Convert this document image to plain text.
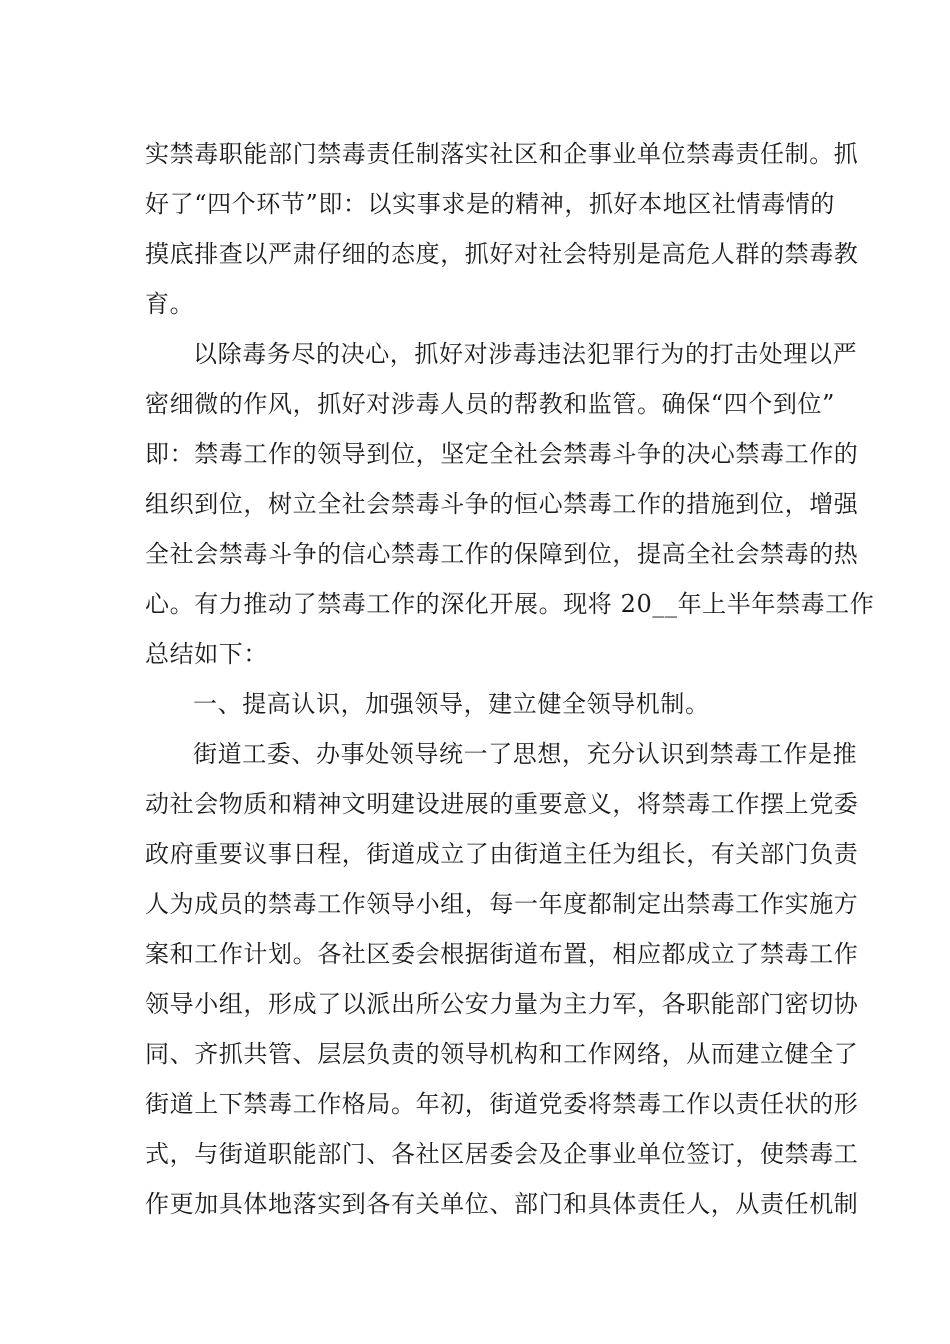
实禁毒职能部门禁毒责任制落实社区和企事业单位禁毒责任制。抓
好了“四个环节”即：以实事求是的精神，抓好本地区社情毒情的
摸底排查以严肃仔细的态度，抓好对社会特别是高危人群的禁毒教
育。
以除毒务尽的决心，抓好对涉毒违法犯罪行为的打击处理以严
密细微的作风，抓好对涉毒人员的帮教和监管。确保“四个到位”
即：禁毒工作的领导到位，坚定全社会禁毒斗争的决心禁毒工作的
组织到位，树立全社会禁毒斗争的恒心禁毒工作的措施到位，增强
全社会禁毒斗争的信心禁毒工作的保障到位，提高全社会禁毒的热
心。有力推动了禁毒工作的深化开展。现将 20__年上半年禁毒工作
总结如下：
一、提高认识，加强领导，建立健全领导机制。
街道工委、办事处领导统一了思想，充分认识到禁毒工作是推
动社会物质和精神文明建设进展的重要意义，将禁毒工作摆上党委
政府重要议事日程，街道成立了由街道主任为组长，有关部门负责
人为成员的禁毒工作领导小组，每一年度都制定出禁毒工作实施方
案和工作计划。各社区委会根据街道布置，相应都成立了禁毒工作
领导小组，形成了以派出所公安力量为主力军，各职能部门密切协
同、齐抓共管、层层负责的领导机构和工作网络，从而建立健全了
街道上下禁毒工作格局。年初，街道党委将禁毒工作以责任状的形
式，与街道职能部门、各社区居委会及企事业单位签订，使禁毒工
作更加具体地落实到各有关单位、部门和具体责任人，从责任机制
